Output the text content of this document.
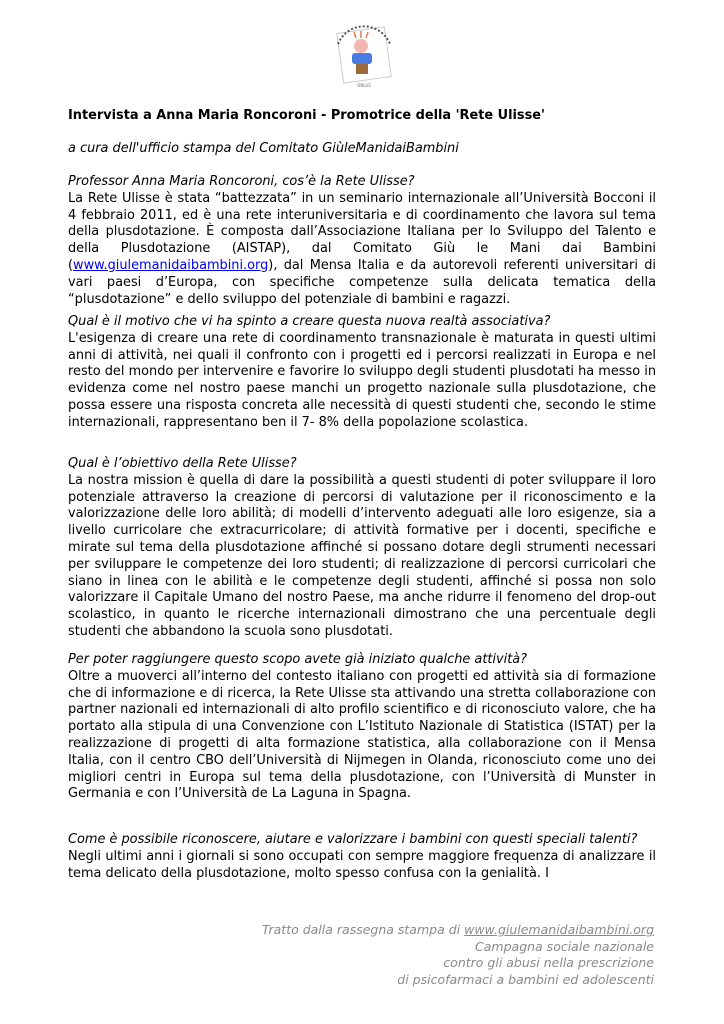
ONLUS
Intervista a Anna Maria Roncoroni - Promotrice della 'Rete Ulisse'
a cura dell'ufficio stampa del Comitato GiùleManidaiBambini
Professor Anna Maria Roncoroni, cos’è la Rete Ulisse?
La Rete Ulisse è stata “battezzata” in un seminario internazionale all’Università Bocconi il 4 febbraio 2011, ed è una rete interuniversitaria e di coordinamento che lavora sul tema della plusdotazione. È composta dall’Associazione Italiana per lo Sviluppo del Talento e della Plusdotazione (AISTAP), dal Comitato Giù le Mani dai Bambini (www.giulemanidaibambini.org), dal Mensa Italia e da autorevoli referenti universitari di vari paesi d’Europa, con specifiche competenze sulla delicata tematica della “plusdotazione” e dello sviluppo del potenziale di bambini e ragazzi.
Qual è il motivo che vi ha spinto a creare questa nuova realtà associativa?
L'esigenza di creare una rete di coordinamento transnazionale è maturata in questi ultimi anni di attività, nei quali il confronto con i progetti ed i percorsi realizzati in Europa e nel resto del mondo per intervenire e favorire lo sviluppo degli studenti plusdotati ha messo in evidenza come nel nostro paese manchi un progetto nazionale sulla plusdotazione, che possa essere una risposta concreta alle necessità di questi studenti che, secondo le stime internazionali, rappresentano ben il 7- 8% della popolazione scolastica.
Qual è l’obiettivo della Rete Ulisse?
La nostra mission è quella di dare la possibilità a questi studenti di poter sviluppare il loro potenziale attraverso la creazione di percorsi di valutazione per il riconoscimento e la valorizzazione delle loro abilità; di modelli d’intervento adeguati alle loro esigenze, sia a livello curricolare che extracurricolare; di attività formative per i docenti, specifiche e mirate sul tema della plusdotazione affinché si possano dotare degli strumenti necessari per sviluppare le competenze dei loro studenti; di realizzazione di percorsi curricolari che siano in linea con le abilità e le competenze degli studenti, affinché si possa non solo valorizzare il Capitale Umano del nostro Paese, ma anche ridurre il fenomeno del drop-out scolastico, in quanto le ricerche internazionali dimostrano che una percentuale degli studenti che abbandono la scuola sono plusdotati.
Per poter raggiungere questo scopo avete già iniziato qualche attività?
Oltre a muoverci all’interno del contesto italiano con progetti ed attività sia di formazione che di informazione e di ricerca, la Rete Ulisse sta attivando una stretta collaborazione con partner nazionali ed internazionali di alto profilo scientifico e di riconosciuto valore, che ha portato alla stipula di una Convenzione con L’Istituto Nazionale di Statistica (ISTAT) per la realizzazione di progetti di alta formazione statistica, alla collaborazione con il Mensa Italia, con il centro CBO dell’Università di Nijmegen in Olanda, riconosciuto come uno dei migliori centri in Europa sul tema della plusdotazione, con l’Università di Munster in Germania e con l’Università de La Laguna in Spagna.
Come è possibile riconoscere, aiutare e valorizzare i bambini con questi speciali talenti?
Negli ultimi anni i giornali si sono occupati con sempre maggiore frequenza di analizzare il tema delicato della plusdotazione, molto spesso confusa con la genialità. I
Tratto dalla rassegna stampa di www.giulemanidaibambini.org
Campagna sociale nazionale
contro gli abusi nella prescrizione
di psicofarmaci a bambini ed adolescenti
